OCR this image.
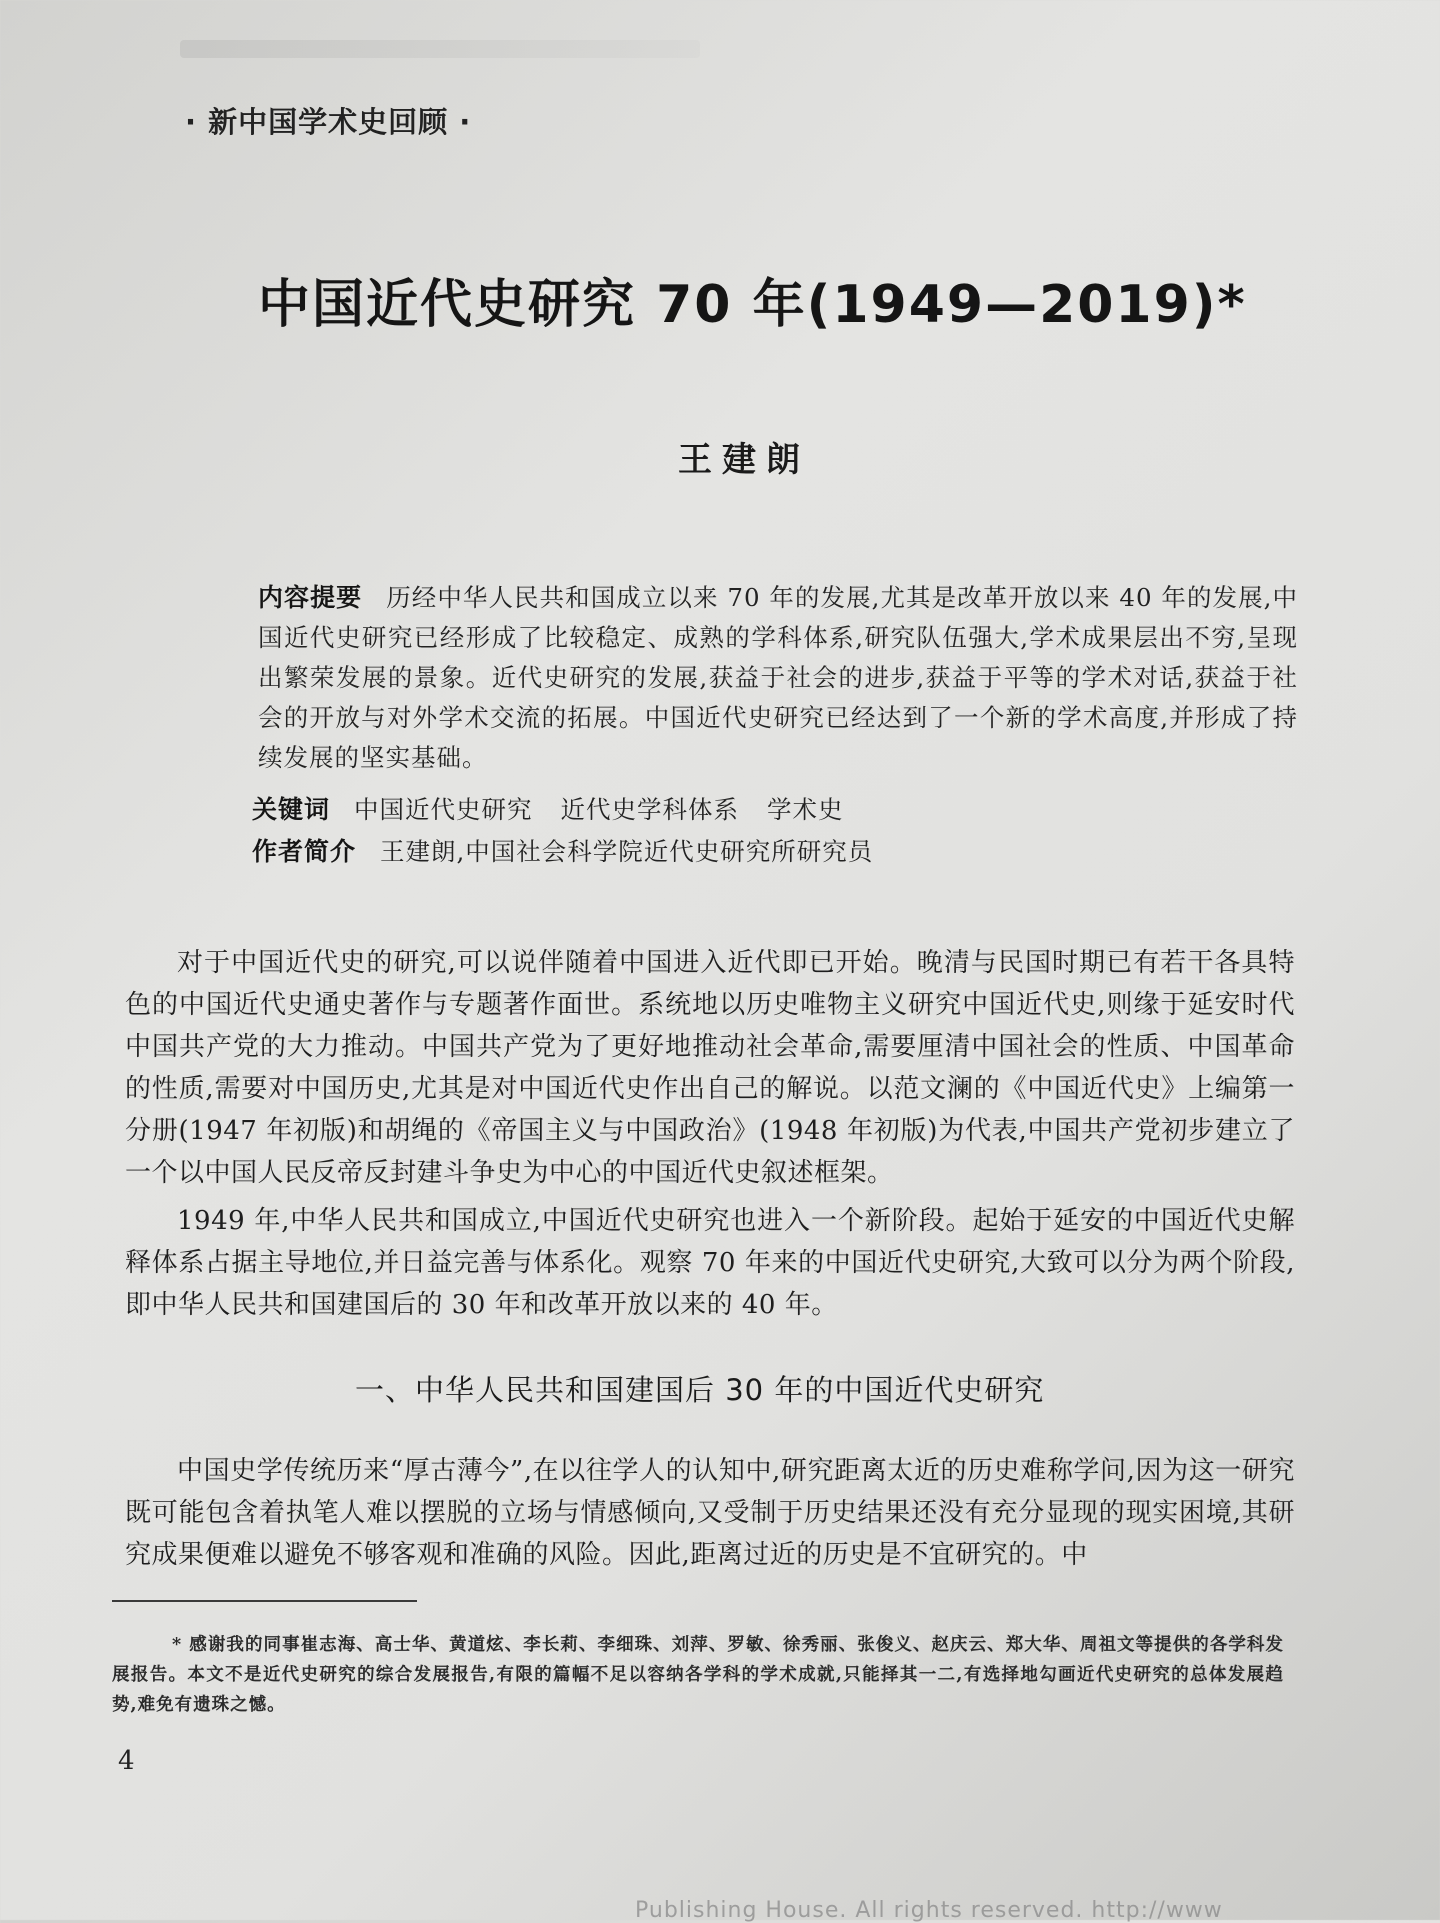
· 新中国学术史回顾 ·
中国近代史研究 70 年(1949—2019)*
王建朗
内容提要 历经中华人民共和国成立以来 70 年的发展,尤其是改革开放以来 40 年的发展,中国近代史研究已经形成了比较稳定、成熟的学科体系,研究队伍强大,学术成果层出不穷,呈现出繁荣发展的景象。近代史研究的发展,获益于社会的进步,获益于平等的学术对话,获益于社会的开放与对外学术交流的拓展。中国近代史研究已经达到了一个新的学术高度,并形成了持续发展的坚实基础。
关键词 中国近代史研究 近代史学科体系 学术史
作者简介 王建朗,中国社会科学院近代史研究所研究员

对于中国近代史的研究,可以说伴随着中国进入近代即已开始。晚清与民国时期已有若干各具特色的中国近代史通史著作与专题著作面世。系统地以历史唯物主义研究中国近代史,则缘于延安时代中国共产党的大力推动。中国共产党为了更好地推动社会革命,需要厘清中国社会的性质、中国革命的性质,需要对中国历史,尤其是对中国近代史作出自己的解说。以范文澜的《中国近代史》上编第一分册(1947 年初版)和胡绳的《帝国主义与中国政治》(1948 年初版)为代表,中国共产党初步建立了一个以中国人民反帝反封建斗争史为中心的中国近代史叙述框架。

1949 年,中华人民共和国成立,中国近代史研究也进入一个新阶段。起始于延安的中国近代史解释体系占据主导地位,并日益完善与体系化。观察 70 年来的中国近代史研究,大致可以分为两个阶段,即中华人民共和国建国后的 30 年和改革开放以来的 40 年。

一、中华人民共和国建国后 30 年的中国近代史研究

中国史学传统历来“厚古薄今”,在以往学人的认知中,研究距离太近的历史难称学问,因为这一研究既可能包含着执笔人难以摆脱的立场与情感倾向,又受制于历史结果还没有充分显现的现实困境,其研究成果便难以避免不够客观和准确的风险。因此,距离过近的历史是不宜研究的。中

* 感谢我的同事崔志海、高士华、黄道炫、李长莉、李细珠、刘萍、罗敏、徐秀丽、张俊义、赵庆云、郑大华、周祖文等提供的各学科发展报告。本文不是近代史研究的综合发展报告,有限的篇幅不足以容纳各学科的学术成就,只能择其一二,有选择地勾画近代史研究的总体发展趋势,难免有遗珠之憾。

4
Publishing House. All rights reserved. http://www
